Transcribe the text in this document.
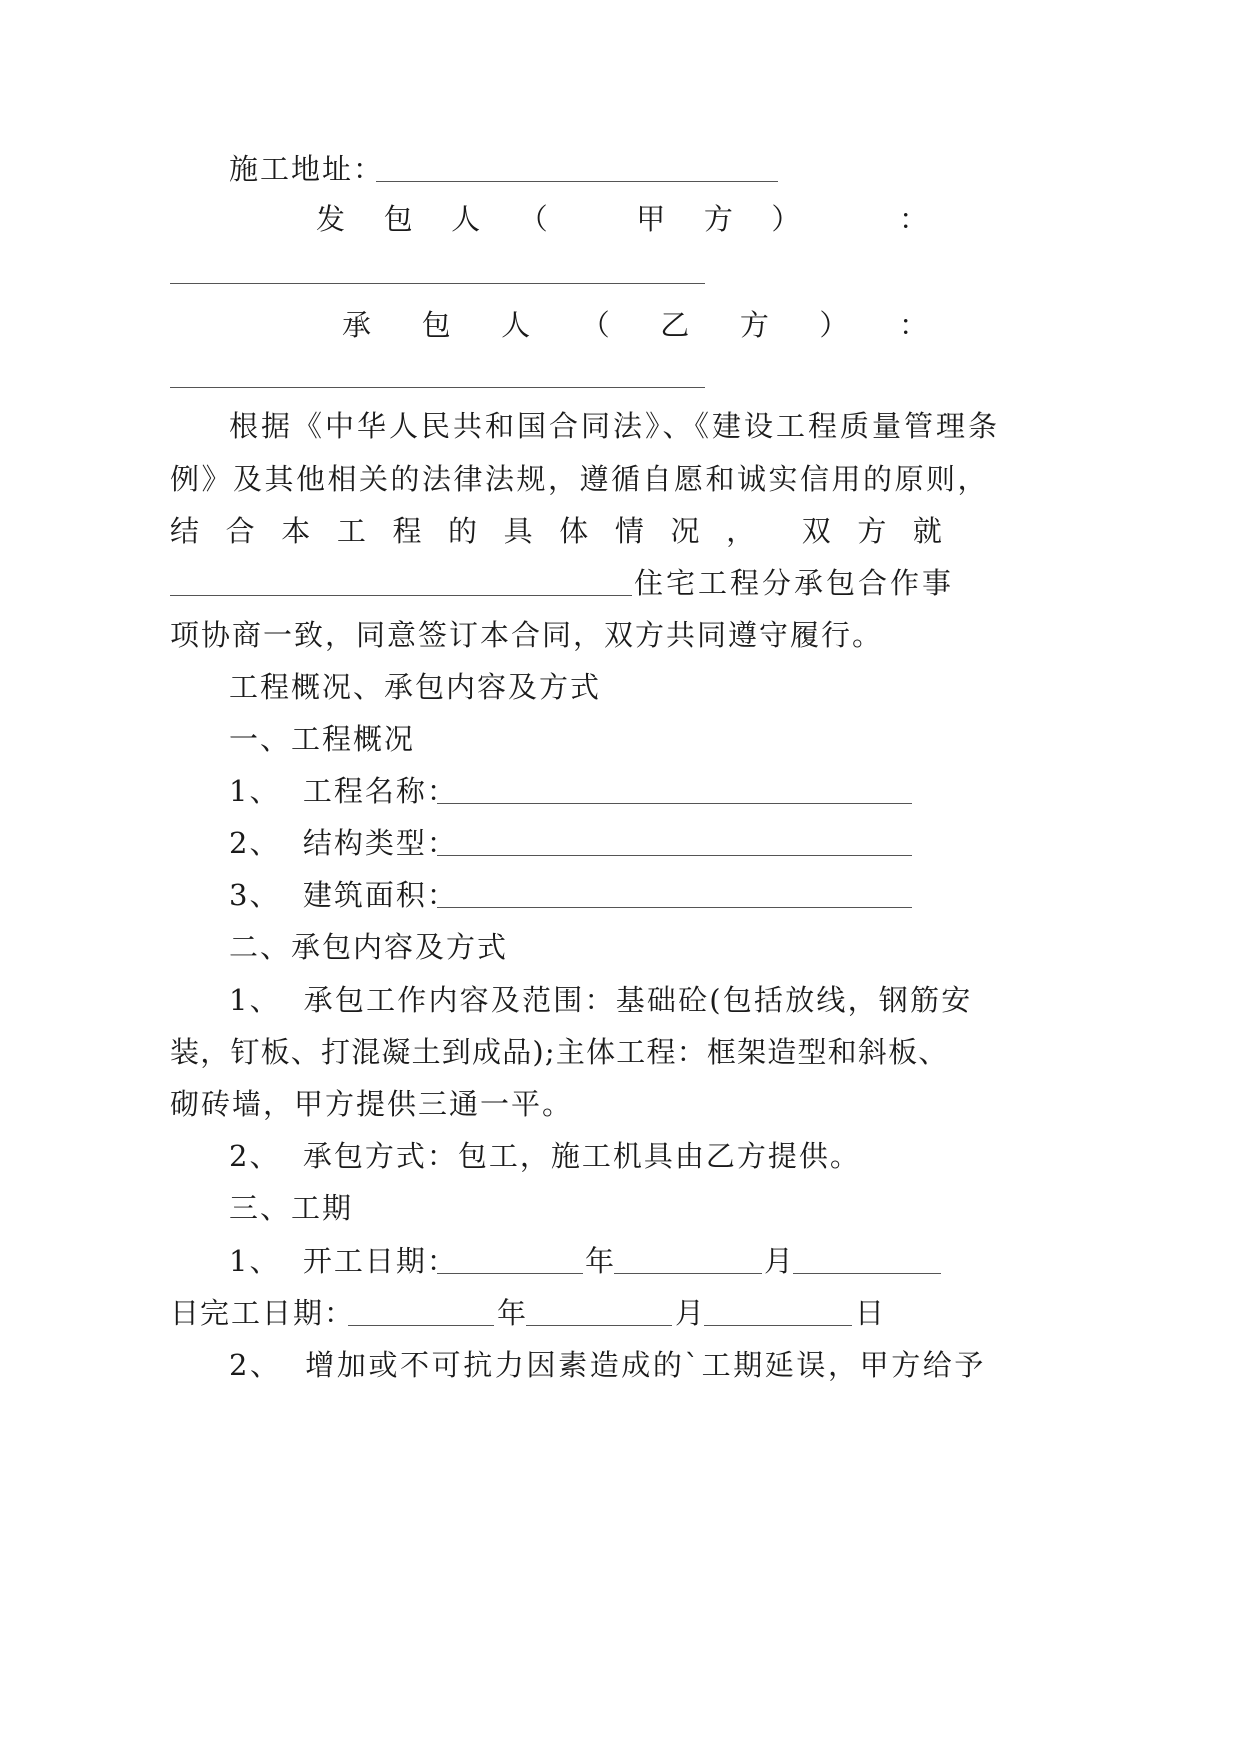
施工地址：
发 包 人 （	甲 方 ）	：
承 包 人 （ 乙 方 ） ：
根据《中华人民共和国合同法》、《建设工程质量管理条
例》及其他相关的法律法规，遵循自愿和诚实信用的原则，
结 合 本 工 程 的 具 体 情 况 ， 双 方 就
住宅工程分承包合作事
项协商一致，同意签订本合同，双方共同遵守履行。
工程概况、承包内容及方式
一、工程概况
1、  工程名称：
2、  结构类型：
3、  建筑面积：
二、承包内容及方式
1、  承包工作内容及范围：基础砼(包括放线，钢筋安
装，钉板、打混凝土到成品);主体工程：框架造型和斜板、
砌砖墙，甲方提供三通一平。
2、  承包方式：包工，施工机具由乙方提供。
三、工期
1、  开工日期：	年	月
日
完工日期：	年	月	日
2、  增加或不可抗力因素造成的`工期延误，甲方给予
